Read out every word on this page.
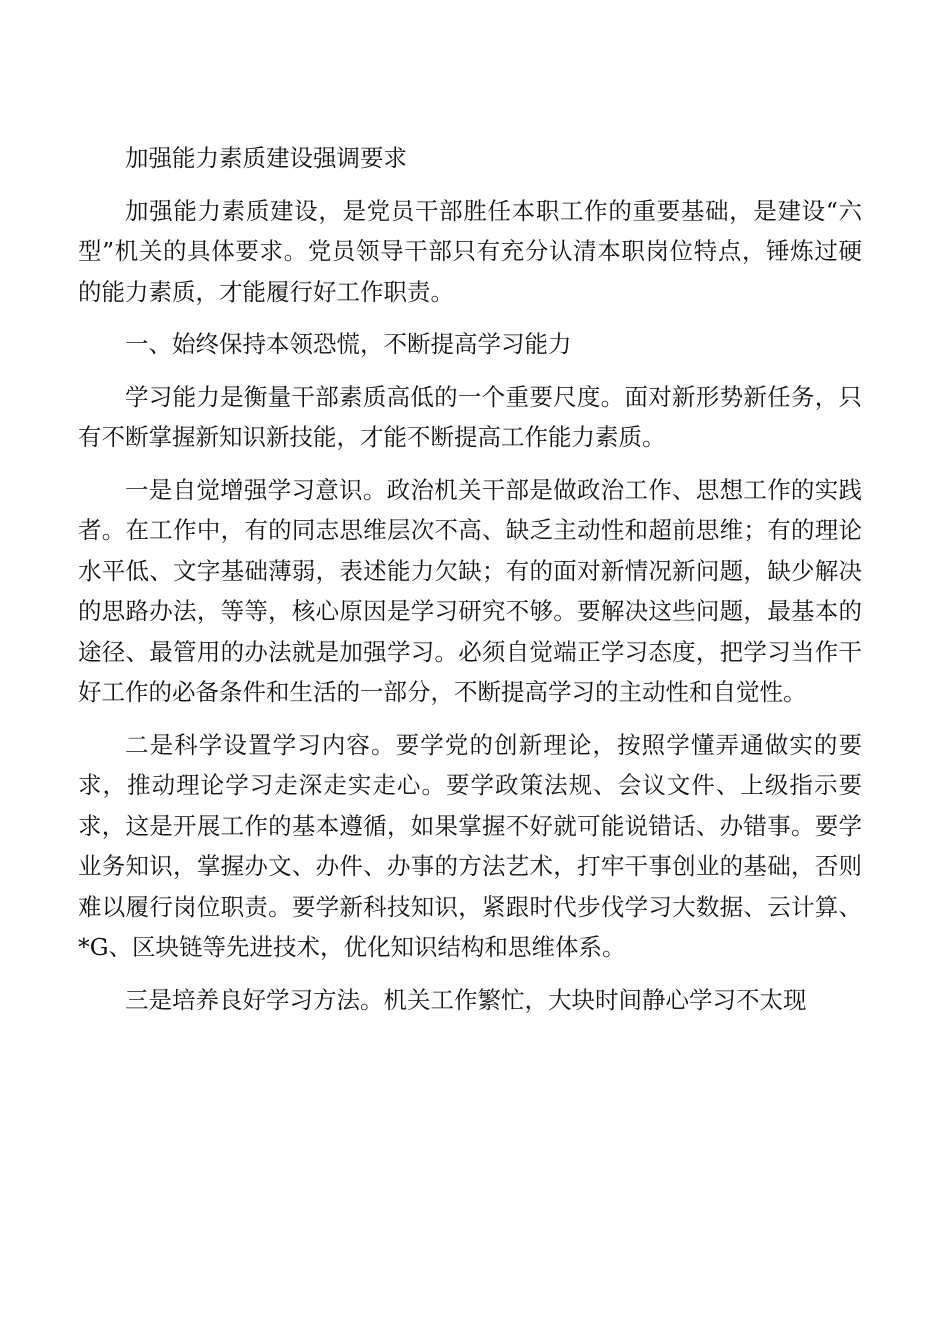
加强能力素质建设强调要求

加强能力素质建设，是党员干部胜任本职工作的重要基础，是建设“六型”机关的具体要求。党员领导干部只有充分认清本职岗位特点，锤炼过硬的能力素质，才能履行好工作职责。

一、始终保持本领恐慌，不断提高学习能力

学习能力是衡量干部素质高低的一个重要尺度。面对新形势新任务，只有不断掌握新知识新技能，才能不断提高工作能力素质。

一是自觉增强学习意识。政治机关干部是做政治工作、思想工作的实践者。在工作中，有的同志思维层次不高、缺乏主动性和超前思维；有的理论水平低、文字基础薄弱，表述能力欠缺；有的面对新情况新问题，缺少解决的思路办法，等等，核心原因是学习研究不够。要解决这些问题，最基本的途径、最管用的办法就是加强学习。必须自觉端正学习态度，把学习当作干好工作的必备条件和生活的一部分，不断提高学习的主动性和自觉性。

二是科学设置学习内容。要学党的创新理论，按照学懂弄通做实的要求，推动理论学习走深走实走心。要学政策法规、会议文件、上级指示要求，这是开展工作的基本遵循，如果掌握不好就可能说错话、办错事。要学业务知识，掌握办文、办件、办事的方法艺术，打牢干事创业的基础，否则难以履行岗位职责。要学新科技知识，紧跟时代步伐学习大数据、云计算、*G、区块链等先进技术，优化知识结构和思维体系。

三是培养良好学习方法。机关工作繁忙，大块时间静心学习不太现
